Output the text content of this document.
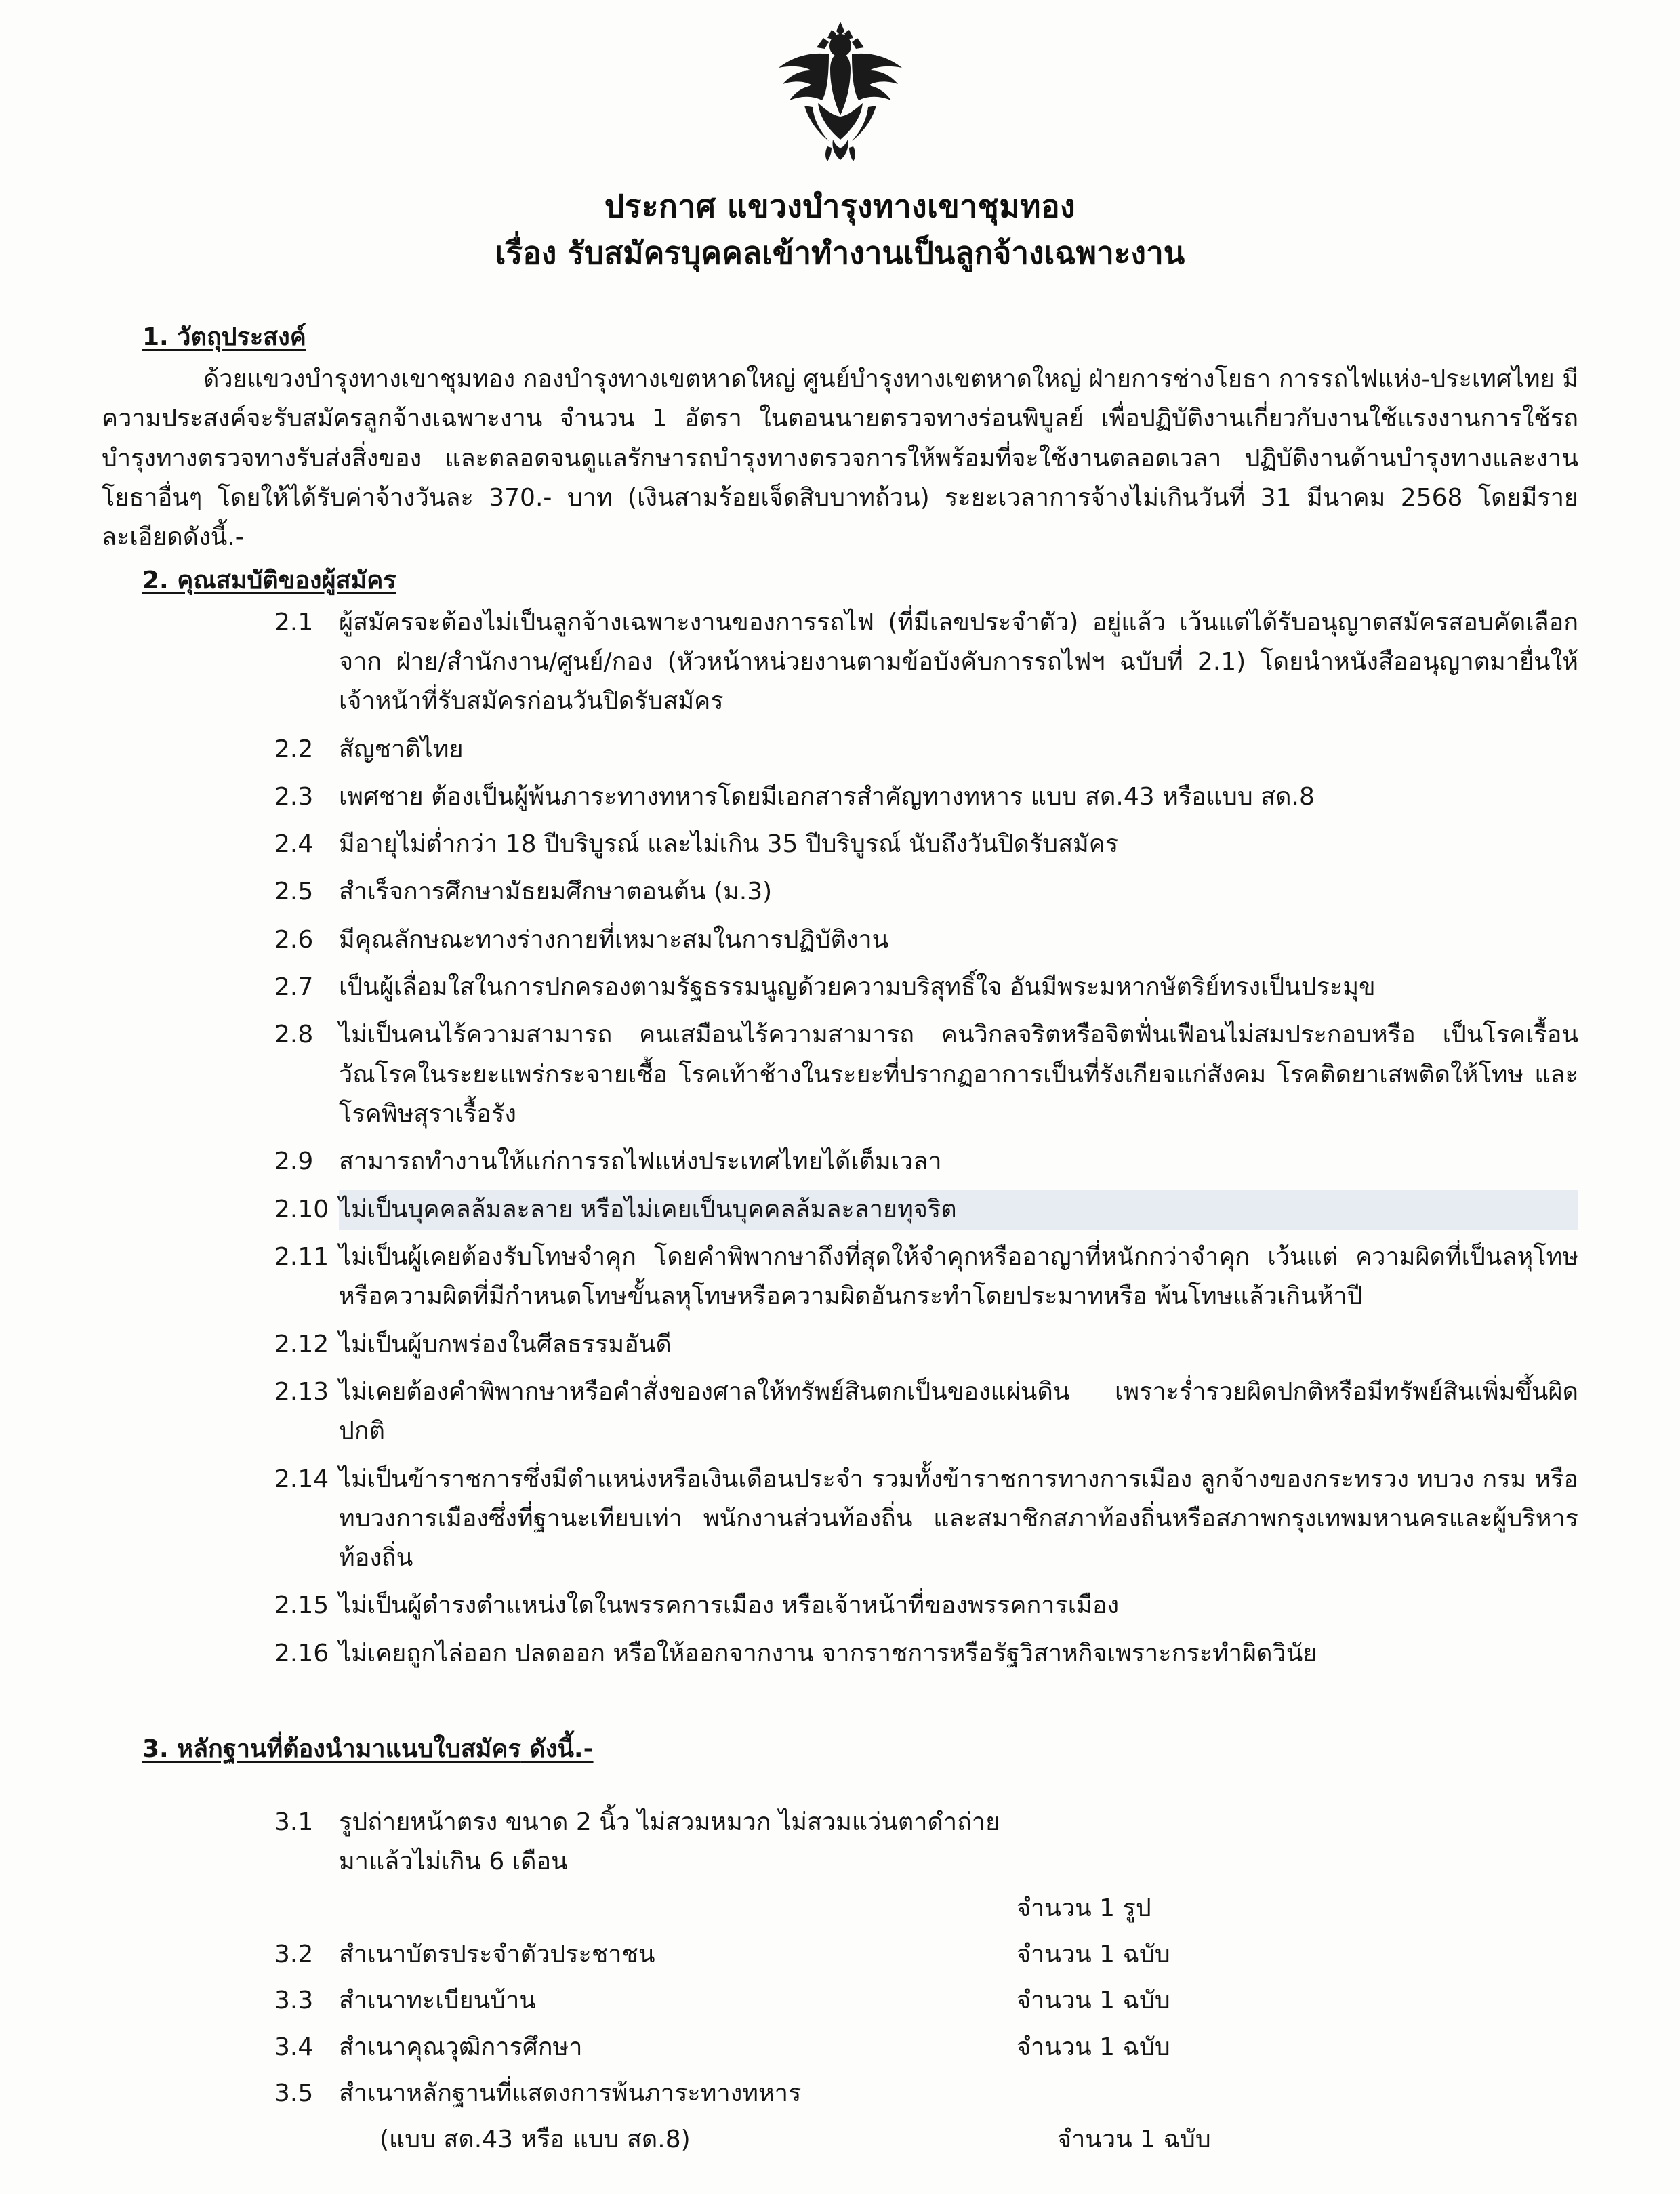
ประกาศ แขวงบำรุงทางเขาชุมทอง
เรื่อง รับสมัครบุคคลเข้าทำงานเป็นลูกจ้างเฉพาะงาน
1. วัตถุประสงค์

ด้วยแขวงบำรุงทางเขาชุมทอง กองบำรุงทางเขตหาดใหญ่ ศูนย์บำรุงทางเขตหาดใหญ่ ฝ่ายการช่างโยธา การรถไฟแห่ง-ประเทศไทย มีความประสงค์จะรับสมัครลูกจ้างเฉพาะงาน จำนวน 1 อัตรา ในตอนนายตรวจทางร่อนพิบูลย์ เพื่อปฏิบัติงานเกี่ยวกับงานใช้แรงงานการใช้รถบำรุงทางตรวจทางรับส่งสิ่งของ และตลอดจนดูแลรักษารถบำรุงทางตรวจการให้พร้อมที่จะใช้งานตลอดเวลา ปฏิบัติงานด้านบำรุงทางและงานโยธาอื่นๆ โดยให้ได้รับค่าจ้างวันละ 370.- บาท (เงินสามร้อยเจ็ดสิบบาทถ้วน) ระยะเวลาการจ้างไม่เกินวันที่ 31 มีนาคม 2568 โดยมีรายละเอียดดังนี้.-

2. คุณสมบัติของผู้สมัคร
2.1	ผู้สมัครจะต้องไม่เป็นลูกจ้างเฉพาะงานของการรถไฟ (ที่มีเลขประจำตัว) อยู่แล้ว เว้นแต่ได้รับอนุญาตสมัครสอบคัดเลือกจาก ฝ่าย/สำนักงาน/ศูนย์/กอง (หัวหน้าหน่วยงานตามข้อบังคับการรถไฟฯ ฉบับที่ 2.1) โดยนำหนังสืออนุญาตมายื่นให้เจ้าหน้าที่รับสมัครก่อนวันปิดรับสมัคร
2.2	สัญชาติไทย
2.3	เพศชาย ต้องเป็นผู้พ้นภาระทางทหารโดยมีเอกสารสำคัญทางทหาร แบบ สด.43 หรือแบบ สด.8
2.4	มีอายุไม่ต่ำกว่า 18 ปีบริบูรณ์ และไม่เกิน 35 ปีบริบูรณ์ นับถึงวันปิดรับสมัคร
2.5	สำเร็จการศึกษามัธยมศึกษาตอนต้น (ม.3)
2.6	มีคุณลักษณะทางร่างกายที่เหมาะสมในการปฏิบัติงาน
2.7	เป็นผู้เลื่อมใสในการปกครองตามรัฐธรรมนูญด้วยความบริสุทธิ์ใจ อันมีพระมหากษัตริย์ทรงเป็นประมุข
2.8	ไม่เป็นคนไร้ความสามารถ คนเสมือนไร้ความสามารถ คนวิกลจริตหรือจิตฟั่นเฟือนไม่สมประกอบหรือ เป็นโรคเรื้อน วัณโรคในระยะแพร่กระจายเชื้อ โรคเท้าช้างในระยะที่ปรากฏอาการเป็นที่รังเกียจแก่สังคม โรคติดยาเสพติดให้โทษ และโรคพิษสุราเรื้อรัง
2.9	สามารถทำงานให้แก่การรถไฟแห่งประเทศไทยได้เต็มเวลา
2.10 ไม่เป็นบุคคลล้มละลาย หรือไม่เคยเป็นบุคคลล้มละลายทุจริต
2.11 ไม่เป็นผู้เคยต้องรับโทษจำคุก โดยคำพิพากษาถึงที่สุดให้จำคุกหรืออาญาที่หนักกว่าจำคุก เว้นแต่ ความผิดที่เป็นลหุโทษหรือความผิดที่มีกำหนดโทษขั้นลหุโทษหรือความผิดอันกระทำโดยประมาทหรือ พ้นโทษแล้วเกินห้าปี
2.12 ไม่เป็นผู้บกพร่องในศีลธรรมอันดี
2.13 ไม่เคยต้องคำพิพากษาหรือคำสั่งของศาลให้ทรัพย์สินตกเป็นของแผ่นดิน เพราะร่ำรวยผิดปกติหรือมีทรัพย์สินเพิ่มขึ้นผิดปกติ
2.14 ไม่เป็นข้าราชการซึ่งมีตำแหน่งหรือเงินเดือนประจำ รวมทั้งข้าราชการทางการเมือง ลูกจ้างของกระทรวง ทบวง กรม หรือทบวงการเมืองซึ่งที่ฐานะเทียบเท่า พนักงานส่วนท้องถิ่น และสมาชิกสภาท้องถิ่นหรือสภาพกรุงเทพมหานครและผู้บริหารท้องถิ่น
2.15 ไม่เป็นผู้ดำรงตำแหน่งใดในพรรคการเมือง หรือเจ้าหน้าที่ของพรรคการเมือง
2.16 ไม่เคยถูกไล่ออก ปลดออก หรือให้ออกจากงาน จากราชการหรือรัฐวิสาหกิจเพราะกระทำผิดวินัย
3. หลักฐานที่ต้องนำมาแนบใบสมัคร ดังนี้.-
3.1	รูปถ่ายหน้าตรง ขนาด 2 นิ้ว ไม่สวมหมวก ไม่สวมแว่นตาดำถ่ายมาแล้วไม่เกิน 6 เดือน
จำนวน 1 รูป
3.2	สำเนาบัตรประจำตัวประชาชน	จำนวน 1 ฉบับ
3.3	สำเนาทะเบียนบ้าน	จำนวน 1 ฉบับ
3.4	สำเนาคุณวุฒิการศึกษา	จำนวน 1 ฉบับ
3.5	สำเนาหลักฐานที่แสดงการพ้นภาระทางทหาร
(แบบ สด.43 หรือ แบบ สด.8)	จำนวน 1 ฉบับ
